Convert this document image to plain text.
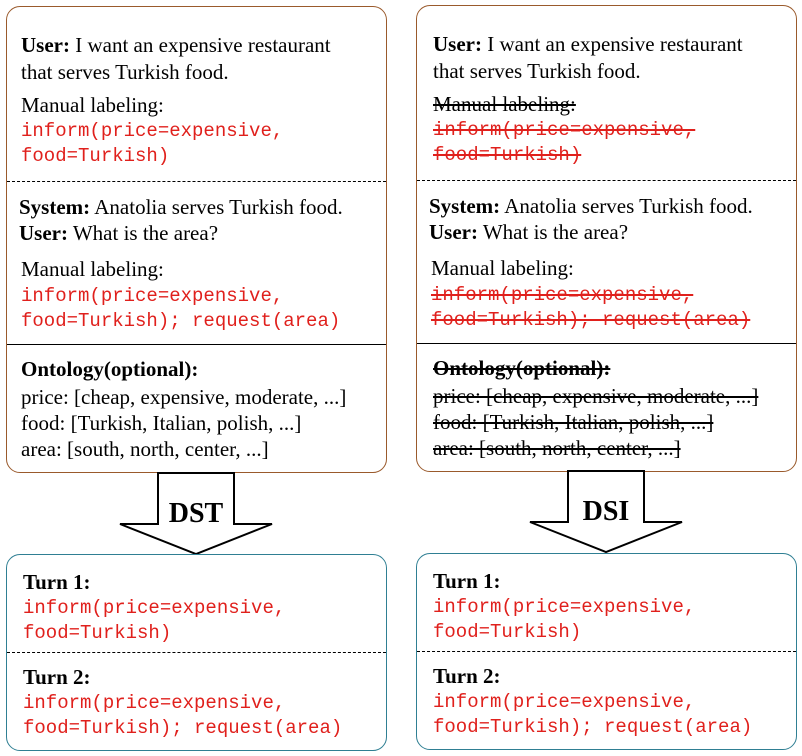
User: I want an expensive restaurant
that serves Turkish food.
Manual labeling:
inform(price=expensive,
food=Turkish)
System: Anatolia serves Turkish food.
User: What is the area?
Manual labeling:
inform(price=expensive,
food=Turkish); request(area)
Ontology(optional):
price: [cheap, expensive, moderate, ...]
food: [Turkish, Italian, polish, ...]
area: [south, north, center, ...]
DST
Turn 1:
inform(price=expensive,
food=Turkish)
Turn 2:
inform(price=expensive,
food=Turkish); request(area)
User: I want an expensive restaurant
that serves Turkish food.
Manual labeling:
inform(price=expensive,
food=Turkish)
System: Anatolia serves Turkish food.
User: What is the area?
Manual labeling:
inform(price=expensive,
food=Turkish); request(area)
Ontology(optional):
price: [cheap, expensive, moderate, ...]
food: [Turkish, Italian, polish, ...]
area: [south, north, center, ...]
DSI
Turn 1:
inform(price=expensive,
food=Turkish)
Turn 2:
inform(price=expensive,
food=Turkish); request(area)
